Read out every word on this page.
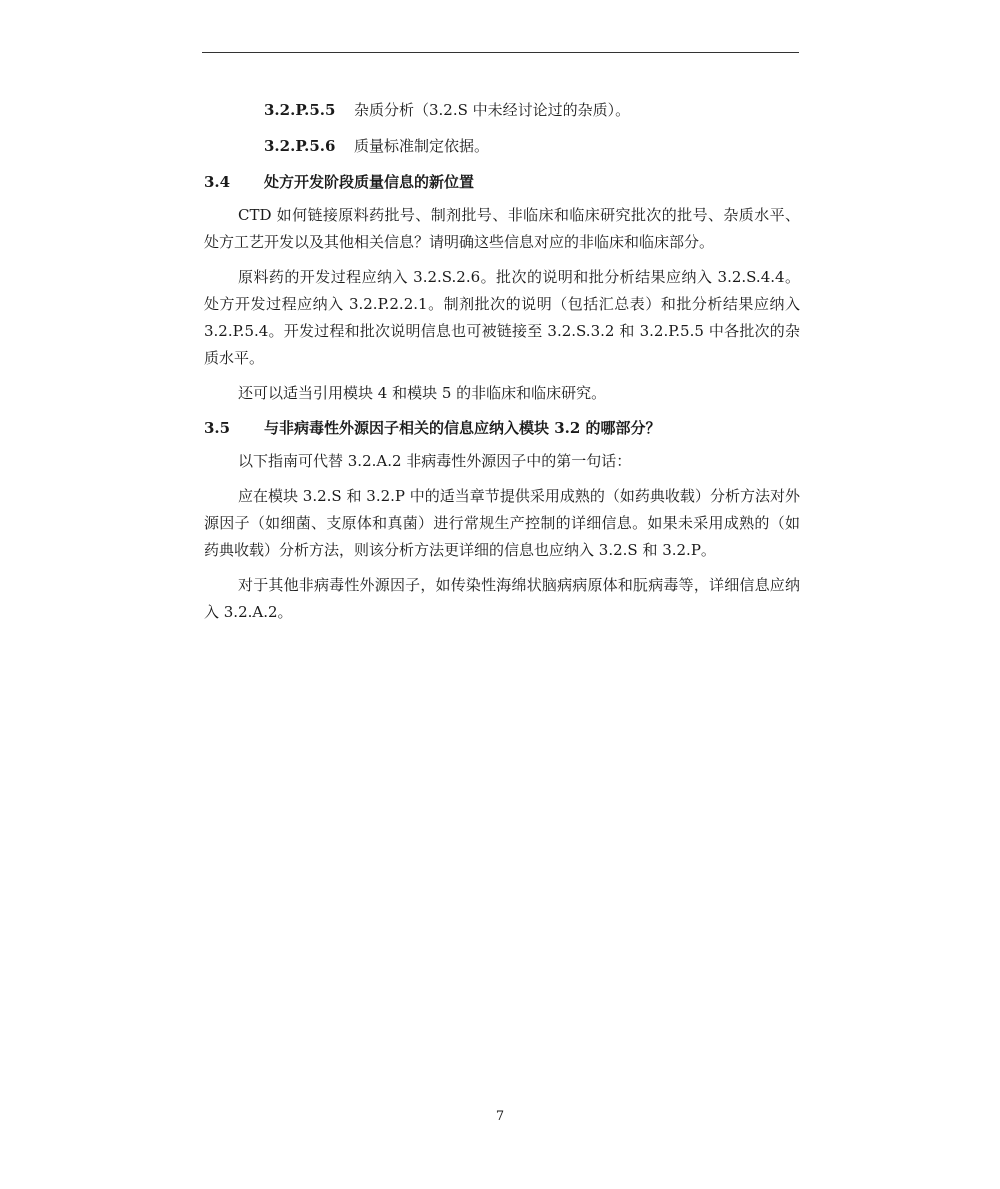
3.2.P.5.5	杂质分析（3.2.S 中未经讨论过的杂质）。
3.2.P.5.6	质量标准制定依据。
3.4	处方开发阶段质量信息的新位置

CTD 如何链接原料药批号、制剂批号、非临床和临床研究批次的批号、杂质水平、处方工艺开发以及其他相关信息？请明确这些信息对应的非临床和临床部分。

原料药的开发过程应纳入 3.2.S.2.6。批次的说明和批分析结果应纳入 3.2.S.4.4。处方开发过程应纳入 3.2.P.2.2.1。制剂批次的说明（包括汇总表）和批分析结果应纳入 3.2.P.5.4。开发过程和批次说明信息也可被链接至 3.2.S.3.2 和 3.2.P.5.5 中各批次的杂质水平。

还可以适当引用模块 4 和模块 5 的非临床和临床研究。

3.5	与非病毒性外源因子相关的信息应纳入模块 3.2 的哪部分？

以下指南可代替 3.2.A.2 非病毒性外源因子中的第一句话：

应在模块 3.2.S 和 3.2.P 中的适当章节提供采用成熟的（如药典收载）分析方法对外源因子（如细菌、支原体和真菌）进行常规生产控制的详细信息。如果未采用成熟的（如药典收载）分析方法，则该分析方法更详细的信息也应纳入 3.2.S 和 3.2.P。

对于其他非病毒性外源因子，如传染性海绵状脑病病原体和朊病毒等，详细信息应纳入 3.2.A.2。

7
